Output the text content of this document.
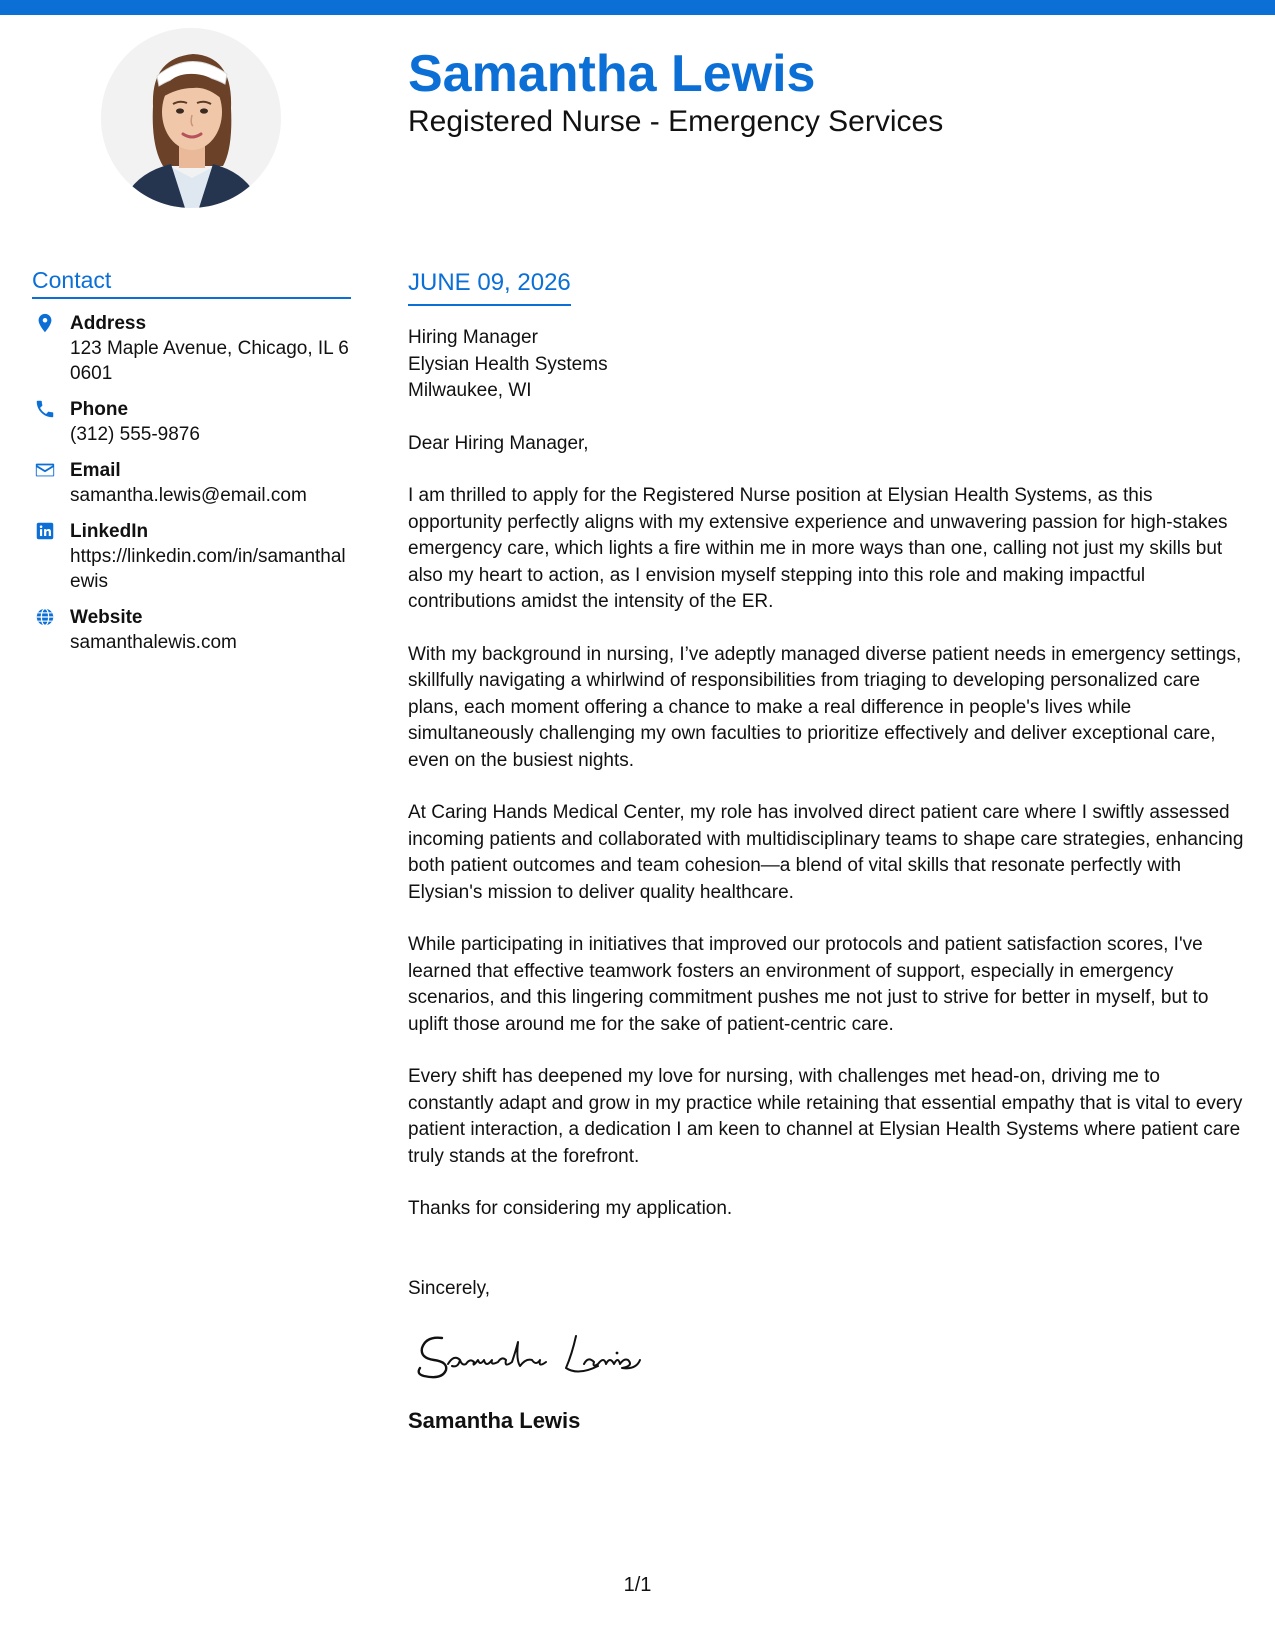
Samantha Lewis
Registered Nurse - Emergency Services
Contact
Address
123 Maple Avenue, Chicago, IL 60601
Phone
(312) 555-9876
Email
samantha.lewis@email.com
LinkedIn
https://linkedin.com/in/samanthalewis
Website
samanthalewis.com
JUNE 09, 2026
Hiring Manager
Elysian Health Systems
Milwaukee, WI
Dear Hiring Manager,
I am thrilled to apply for the Registered Nurse position at Elysian Health Systems, as this opportunity perfectly aligns with my extensive experience and unwavering passion for high-stakes emergency care, which lights a fire within me in more ways than one, calling not just my skills but also my heart to action, as I envision myself stepping into this role and making impactful contributions amidst the intensity of the ER.
With my background in nursing, I’ve adeptly managed diverse patient needs in emergency settings, skillfully navigating a whirlwind of responsibilities from triaging to developing personalized care plans, each moment offering a chance to make a real difference in people's lives while simultaneously challenging my own faculties to prioritize effectively and deliver exceptional care, even on the busiest nights.
At Caring Hands Medical Center, my role has involved direct patient care where I swiftly assessed incoming patients and collaborated with multidisciplinary teams to shape care strategies, enhancing both patient outcomes and team cohesion—a blend of vital skills that resonate perfectly with Elysian's mission to deliver quality healthcare.
While participating in initiatives that improved our protocols and patient satisfaction scores, I've learned that effective teamwork fosters an environment of support, especially in emergency scenarios, and this lingering commitment pushes me not just to strive for better in myself, but to uplift those around me for the sake of patient-centric care.
Every shift has deepened my love for nursing, with challenges met head-on, driving me to constantly adapt and grow in my practice while retaining that essential empathy that is vital to every patient interaction, a dedication I am keen to channel at Elysian Health Systems where patient care truly stands at the forefront.
Thanks for considering my application.
Sincerely,
Samantha Lewis
1/1
